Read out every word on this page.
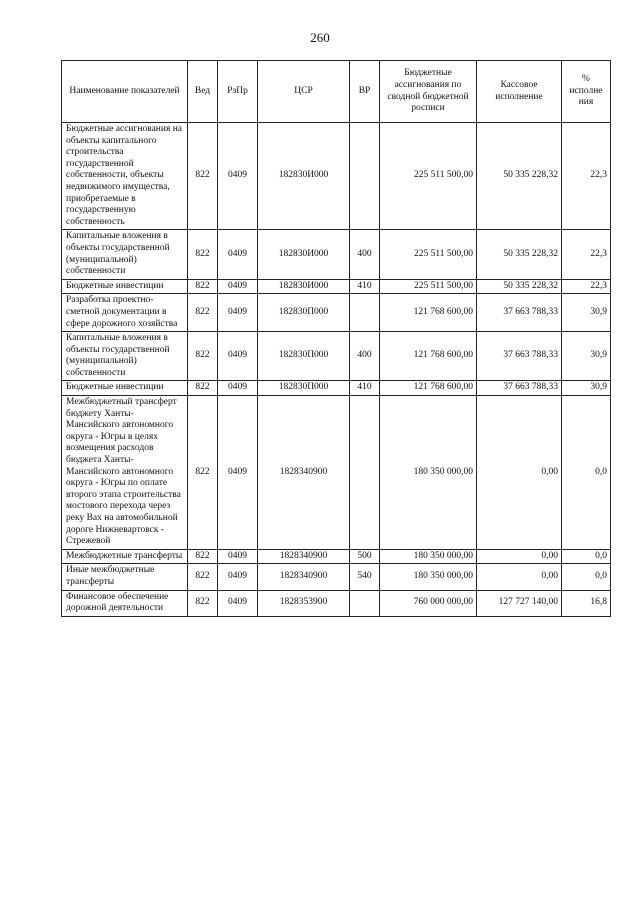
260
Наименование показателей	Вед	РзПр	ЦСР	ВР	Бюджетные ассигнования по сводной бюджетной росписи	Кассовое исполнение	% исполне ния
Бюджетные ассигнования на объекты капитального строительства государственной собственности, объекты недвижимого имущества, приобретаемые в государственную собственность	822	0409	182830И000		225 511 500,00	50 335 228,32	22,3
Капитальные вложения в объекты государственной (муниципальной) собственности	822	0409	182830И000	400	225 511 500,00	50 335 228,32	22,3
Бюджетные инвестиции	822	0409	182830И000	410	225 511 500,00	50 335 228,32	22,3
Разработка проектно-сметной документации в сфере дорожного хозяйства	822	0409	182830П000		121 768 600,00	37 663 788,33	30,9
Капитальные вложения в объекты государственной (муниципальной) собственности	822	0409	182830П000	400	121 768 600,00	37 663 788,33	30,9
Бюджетные инвестиции	822	0409	182830П000	410	121 768 600,00	37 663 788,33	30,9
Межбюджетный трансферт бюджету Ханты-Мансийского автономного округа - Югры в целях возмещения расходов бюджета Ханты-Мансийского автономного округа - Югры по оплате второго этапа строительства мостового перехода через реку Вах на автомобильной дороге Нижневартовск - Стрежевой	822	0409	1828340900		180 350 000,00	0,00	0,0
Межбюджетные трансферты	822	0409	1828340900	500	180 350 000,00	0,00	0,0
Иные межбюджетные трансферты	822	0409	1828340900	540	180 350 000,00	0,00	0,0
Финансовое обеспечение дорожной деятельности	822	0409	1828353900		760 000 000,00	127 727 140,00	16,8
